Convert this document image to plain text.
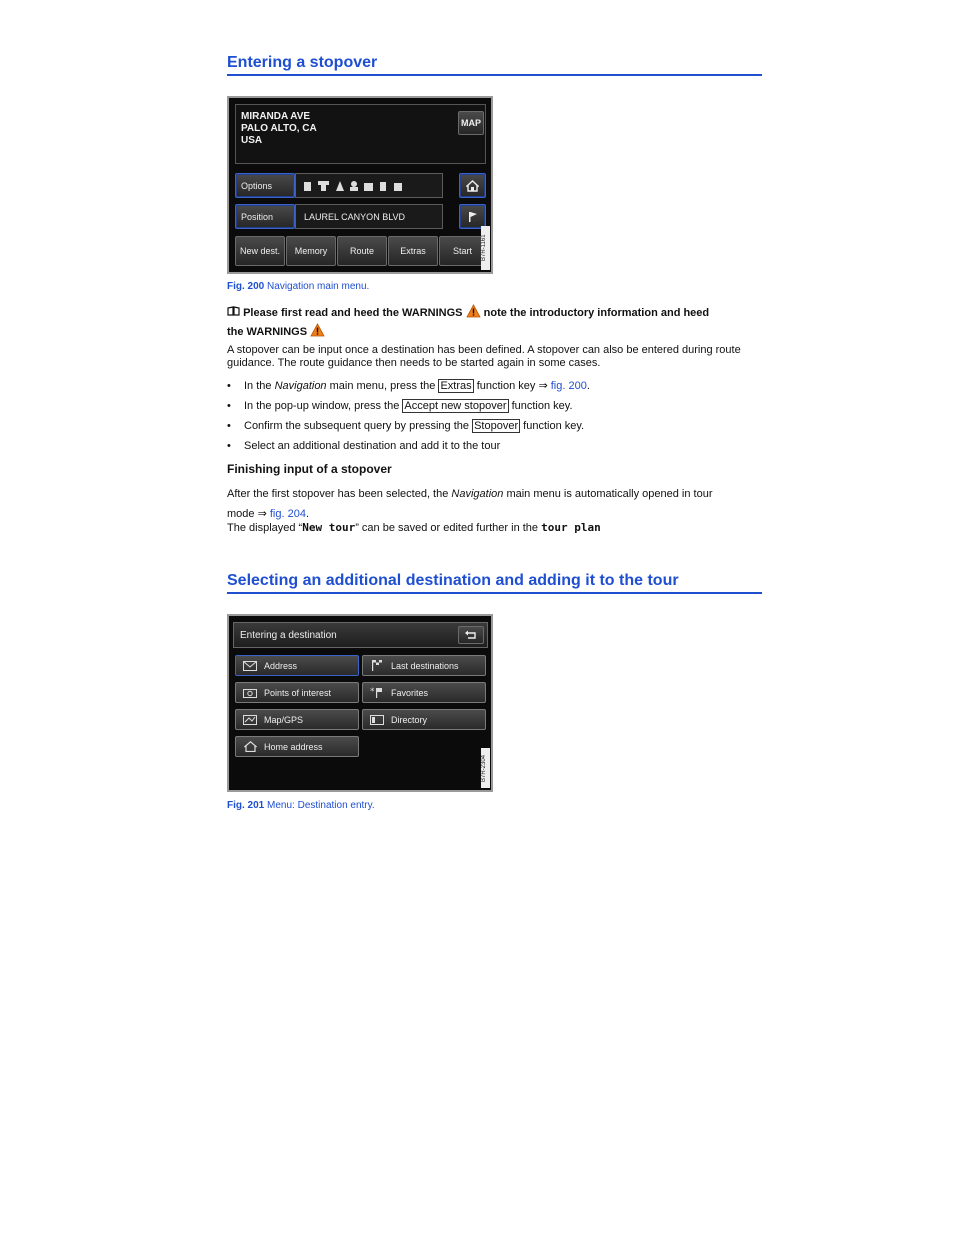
Entering a stopover
MIRANDA AVE
PALO ALTO, CA
USA
MAP
Options
Position	LAUREL CANYON BLVD
New dest.	Memory	Route	Extras	Start	B7R-1161
Fig. 200 Navigation main menu.
Please first read and heed the WARNINGS note the introductory information and heed
the WARNINGS
A stopover can be input once a destination has been defined. A stopover can also be entered during route guidance. The route guidance then needs to be started again in some cases.
•	In the Navigation main menu, press the Extras function key ⇒ fig. 200.
•	In the pop-up window, press the Accept new stopover function key.
•	Confirm the subsequent query by pressing the Stopover function key.
•	Select an additional destination and add it to the tour
Finishing input of a stopover
After the first stopover has been selected, the Navigation main menu is automatically opened in tour
mode ⇒ fig. 204.
The displayed “New tour” can be saved or edited further in the tour plan
Selecting an additional destination and adding it to the tour
Entering a destination
Address	Last destinations
Points of interest	* Favorites
Map/GPS	Directory
Home address
B7R-2304
Fig. 201 Menu: Destination entry.
